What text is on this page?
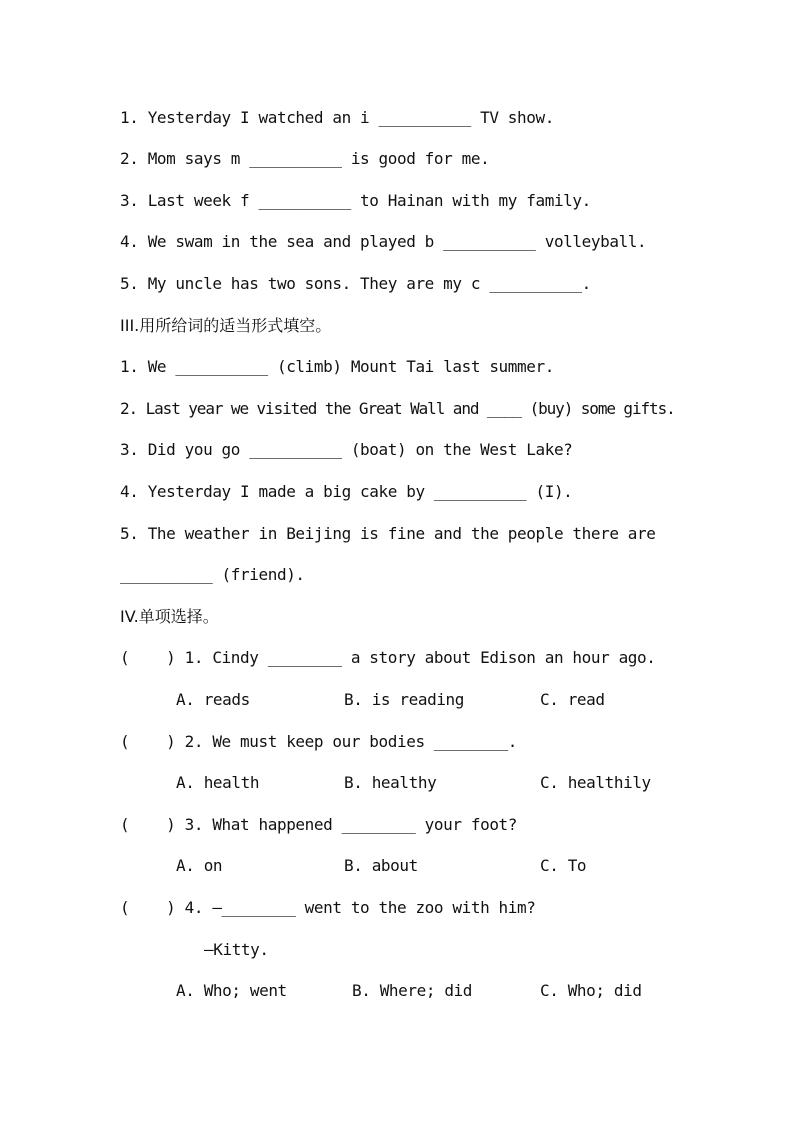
1. Yesterday I watched an i __________ TV show.
2. Mom says m __________ is good for me.
3. Last week f __________ to Hainan with my family.
4. We swam in the sea and played b __________ volleyball.
5. My uncle has two sons. They are my c __________.
III.用所给词的适当形式填空。
1. We __________ (climb) Mount Tai last summer.
2. Last year we visited the Great Wall and ____ (buy) some gifts.
3. Did you go __________ (boat) on the West Lake?
4. Yesterday I made a big cake by __________ (I).
5. The weather in Beijing is fine and the people there are
__________ (friend).
IV.单项选择。
(    ) 1. Cindy ________ a story about Edison an hour ago.

A. reads

	B. is reading

	C. read

(    ) 2. We must keep our bodies ________.

A. health

	B. healthy

	C. healthily

(    ) 3. What happened ________ your foot?

A. on

	B. about

	C. To

(    ) 4. —________ went to the zoo with him?
—Kitty.

A. Who; went

	B. Where; did

	C. Who; did
